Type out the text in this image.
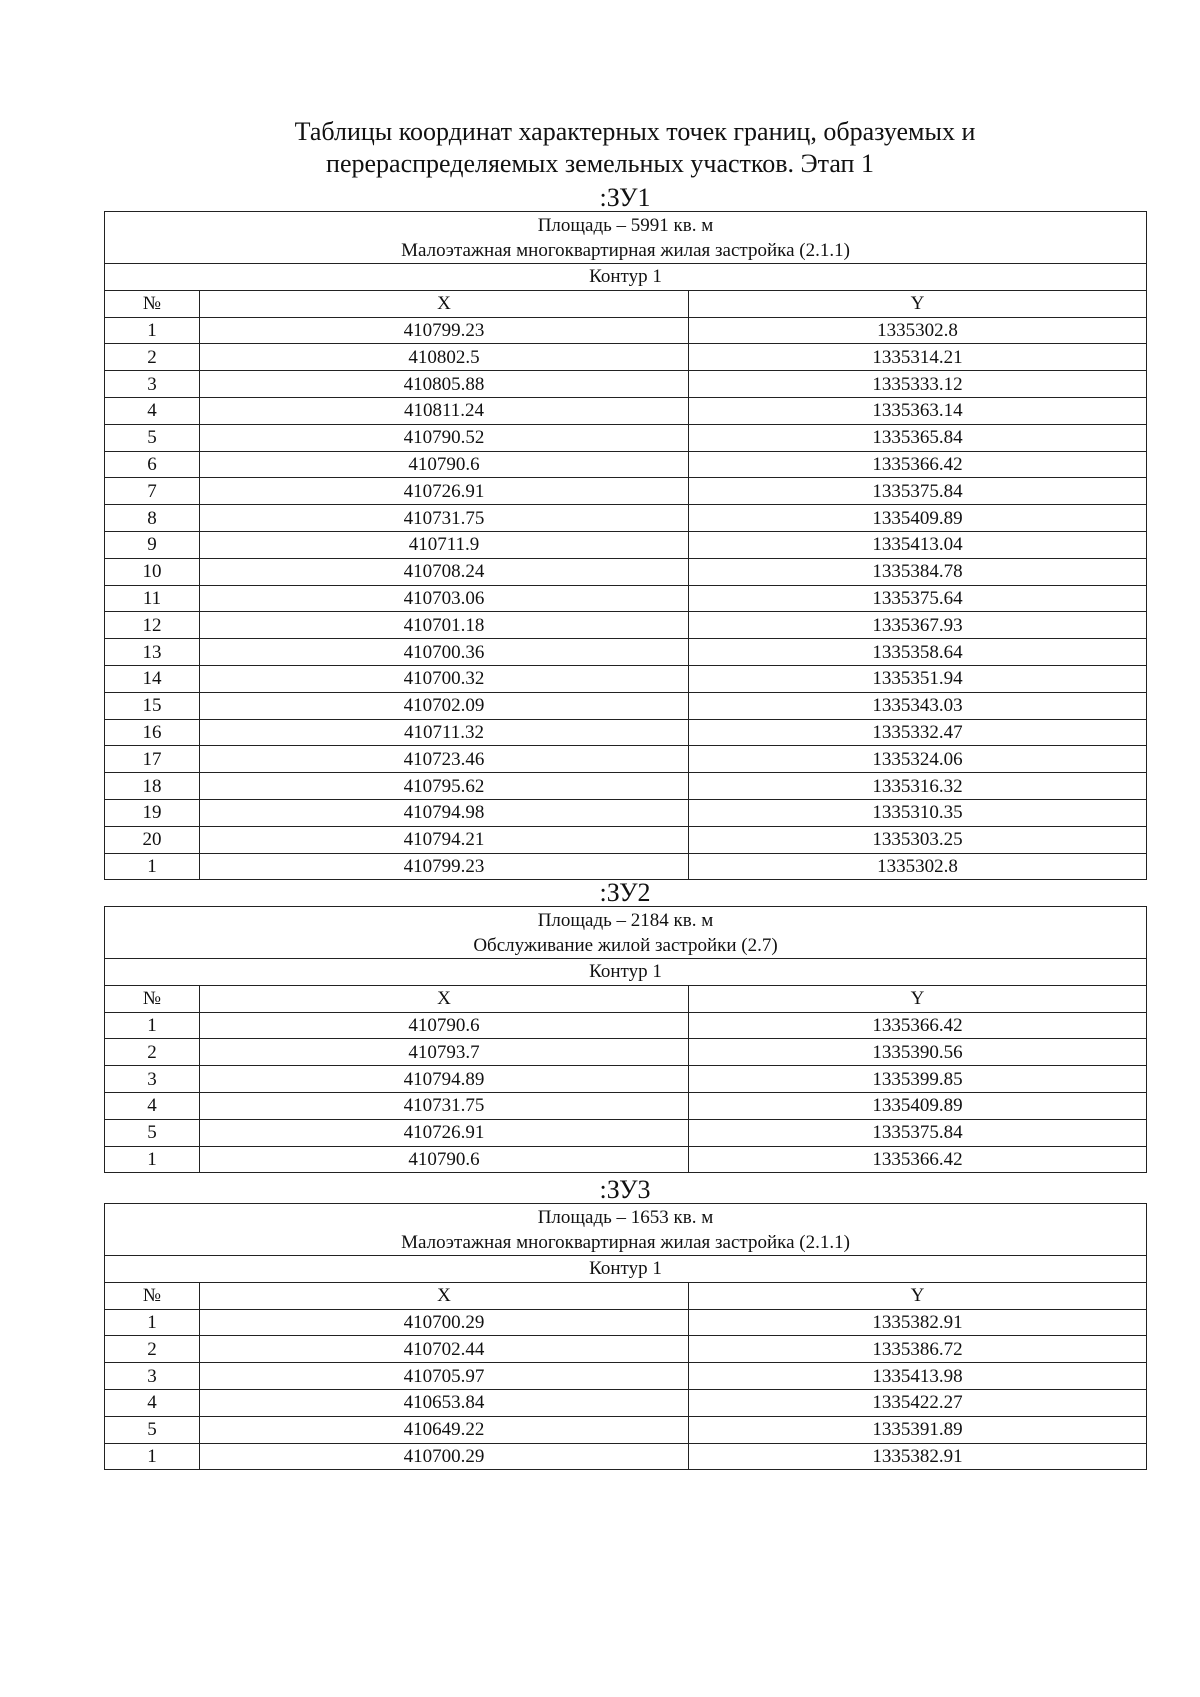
Таблицы координат характерных точек границ, образуемых и
перераспределяемых земельных участков. Этап 1
:ЗУ1
Площадь – 5991 кв. м
Малоэтажная многоквартирная жилая застройка (2.1.1)		

Контур 1		
№	X	Y
1	410799.23	1335302.8
2	410802.5	1335314.21
3	410805.88	1335333.12
4	410811.24	1335363.14
5	410790.52	1335365.84
6	410790.6	1335366.42
7	410726.91	1335375.84
8	410731.75	1335409.89
9	410711.9	1335413.04
10	410708.24	1335384.78
11	410703.06	1335375.64
12	410701.18	1335367.93
13	410700.36	1335358.64
14	410700.32	1335351.94
15	410702.09	1335343.03
16	410711.32	1335332.47
17	410723.46	1335324.06
18	410795.62	1335316.32
19	410794.98	1335310.35
20	410794.21	1335303.25
1	410799.23	1335302.8
:ЗУ2
Площадь – 2184 кв. м
Обслуживание жилой застройки (2.7)		

Контур 1		
№	X	Y
1	410790.6	1335366.42
2	410793.7	1335390.56
3	410794.89	1335399.85
4	410731.75	1335409.89
5	410726.91	1335375.84
1	410790.6	1335366.42
:ЗУ3
Площадь – 1653 кв. м
Малоэтажная многоквартирная жилая застройка (2.1.1)		

Контур 1		
№	X	Y
1	410700.29	1335382.91
2	410702.44	1335386.72
3	410705.97	1335413.98
4	410653.84	1335422.27
5	410649.22	1335391.89
1	410700.29	1335382.91
